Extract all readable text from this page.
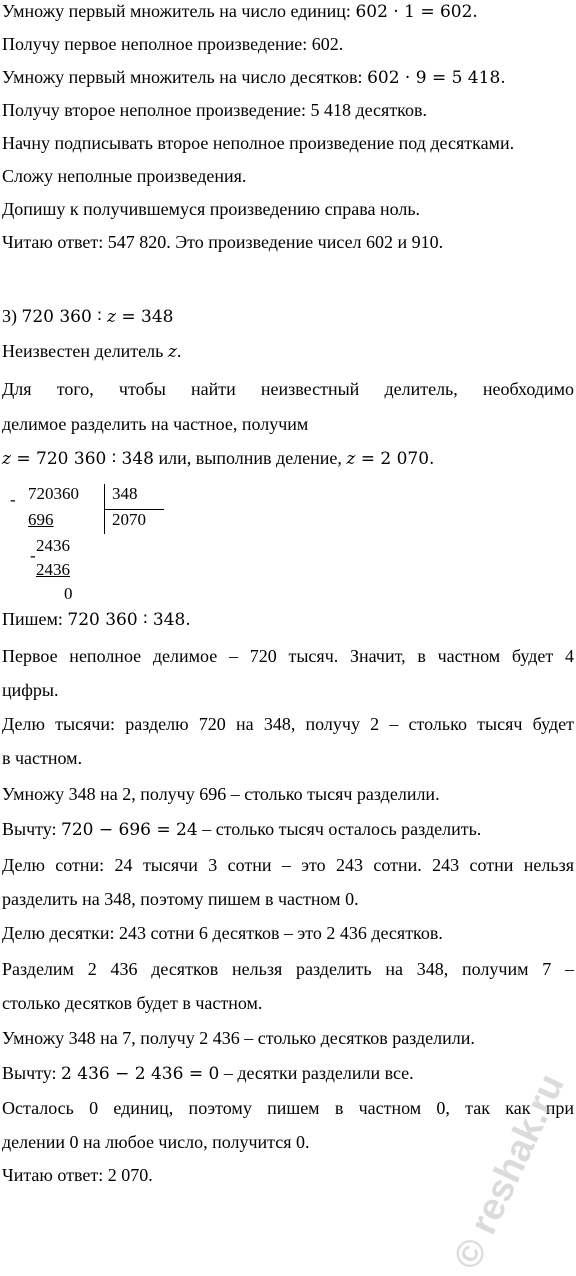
Умножу первый множитель на число единиц: 602 · 1 = 602.
Получу первое неполное произведение: 602.
Умножу первый множитель на число десятков: 602 · 9 = 5 418.
Получу второе неполное произведение: 5 418 десятков.
Начну подписывать второе неполное произведение под десятками.
Сложу неполные произведения.
Допишу к получившемуся произведению справа ноль.
Читаю ответ: 547 820. Это произведение чисел 602 и 910.
3) 720 360 ∶ z = 348
Неизвестен делитель z.
Для того, чтобы найти неизвестный делитель, необходимо
делимое разделить на частное, получим
z = 720 360 ∶ 348 или, выполнив деление, z = 2 070.
- 720360 348
696	2070
-
2436
2436
0
Пишем: 720 360 ∶ 348.
Первое неполное делимое – 720 тысяч. Значит, в частном будет 4
цифры.
Делю тысячи: разделю 720 на 348, получу 2 – столько тысяч будет
в частном.
Умножу 348 на 2, получу 696 – столько тысяч разделили.
Вычту: 720 − 696 = 24 – столько тысяч осталось разделить.
Делю сотни: 24 тысячи 3 сотни – это 243 сотни. 243 сотни нельзя
разделить на 348, поэтому пишем в частном 0.
Делю десятки: 243 сотни 6 десятков – это 2 436 десятков.
Разделим 2 436 десятков нельзя разделить на 348, получим 7 –
столько десятков будет в частном.
Умножу 348 на 7, получу 2 436 – столько десятков разделили.
Вычту: 2 436 − 2 436 = 0 – десятки разделили все.
Осталось 0 единиц, поэтому пишем в частном 0, так как при
делении 0 на любое число, получится 0.
Читаю ответ: 2 070.
© reshak.ru
